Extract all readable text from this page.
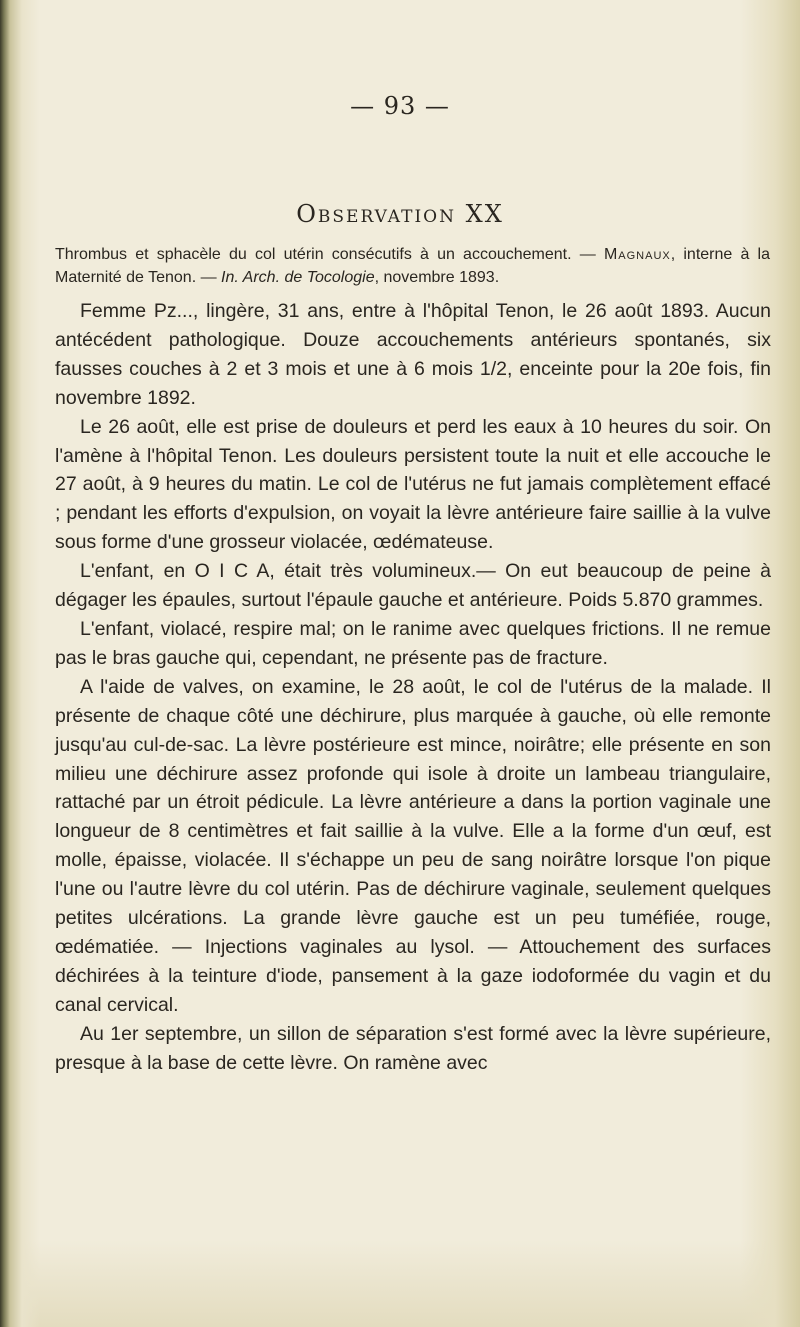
— 93 —
Observation XX
Thrombus et sphacèle du col utérin consécutifs à un accouchement. — Magnaux, interne à la Maternité de Tenon. — In. Arch. de Tocologie, novembre 1893.

Femme Pz..., lingère, 31 ans, entre à l'hôpital Tenon, le 26 août 1893. Aucun antécédent pathologique. Douze accouchements antérieurs spontanés, six fausses couches à 2 et 3 mois et une à 6 mois 1/2, enceinte pour la 20e fois, fin novembre 1892.

Le 26 août, elle est prise de douleurs et perd les eaux à 10 heures du soir. On l'amène à l'hôpital Tenon. Les douleurs persistent toute la nuit et elle accouche le 27 août, à 9 heures du matin. Le col de l'utérus ne fut jamais complètement effacé ; pendant les efforts d'expulsion, on voyait la lèvre antérieure faire saillie à la vulve sous forme d'une grosseur violacée, œdémateuse.

L'enfant, en O I C A, était très volumineux.— On eut beaucoup de peine à dégager les épaules, surtout l'épaule gauche et antérieure. Poids 5.870 grammes.

L'enfant, violacé, respire mal; on le ranime avec quelques frictions. Il ne remue pas le bras gauche qui, cependant, ne présente pas de fracture.

A l'aide de valves, on examine, le 28 août, le col de l'utérus de la malade. Il présente de chaque côté une déchirure, plus marquée à gauche, où elle remonte jusqu'au cul-de-sac. La lèvre postérieure est mince, noirâtre; elle présente en son milieu une déchirure assez profonde qui isole à droite un lambeau triangulaire, rattaché par un étroit pédicule. La lèvre antérieure a dans la portion vaginale une longueur de 8 centimètres et fait saillie à la vulve. Elle a la forme d'un œuf, est molle, épaisse, violacée. Il s'échappe un peu de sang noirâtre lorsque l'on pique l'une ou l'autre lèvre du col utérin. Pas de déchirure vaginale, seulement quelques petites ulcérations. La grande lèvre gauche est un peu tuméfiée, rouge, œdématiée. — Injections vaginales au lysol. — Attouchement des surfaces déchirées à la teinture d'iode, pansement à la gaze iodoformée du vagin et du canal cervical.

Au 1er septembre, un sillon de séparation s'est formé avec la lèvre supérieure, presque à la base de cette lèvre. On ramène avec
